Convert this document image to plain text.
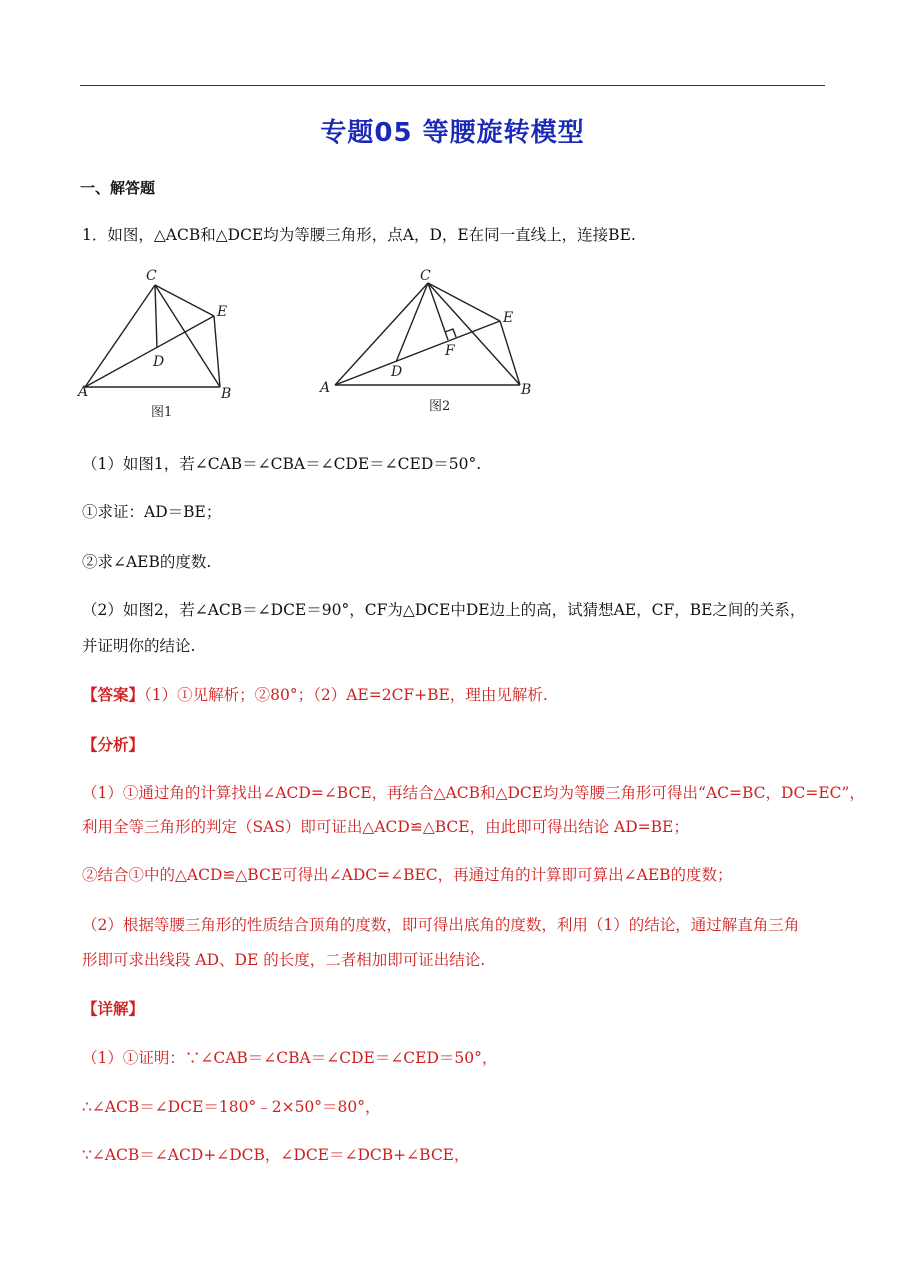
专题05 等腰旋转模型
一、解答题
1．如图，△ACB和△DCE均为等腰三角形，点A，D，E在同一直线上，连接BE.
C
E
D
A	B
图1
C
E
F
D
A	B
图2
（1）如图1，若∠CAB＝∠CBA＝∠CDE＝∠CED＝50°.
①求证：AD＝BE；
②求∠AEB的度数.
（2）如图2，若∠ACB＝∠DCE＝90°，CF为△DCE中DE边上的高，试猜想AE，CF，BE之间的关系，
并证明你的结论.
【答案】（1）①见解析；②80°；（2）AE=2CF+BE，理由见解析.
【分析】
（1）①通过角的计算找出∠ACD=∠BCE，再结合△ACB和△DCE均为等腰三角形可得出“AC=BC，DC=EC”，
利用全等三角形的判定（SAS）即可证出△ACD≌△BCE，由此即可得出结论 AD=BE；
②结合①中的△ACD≌△BCE可得出∠ADC=∠BEC，再通过角的计算即可算出∠AEB的度数；
（2）根据等腰三角形的性质结合顶角的度数，即可得出底角的度数，利用（1）的结论，通过解直角三角
形即可求出线段 AD、DE 的长度，二者相加即可证出结论.
【详解】
（1）①证明：∵∠CAB＝∠CBA＝∠CDE＝∠CED＝50°，
∴∠ACB＝∠DCE＝180°﹣2×50°＝80°，
∵∠ACB＝∠ACD+∠DCB，∠DCE＝∠DCB+∠BCE，
